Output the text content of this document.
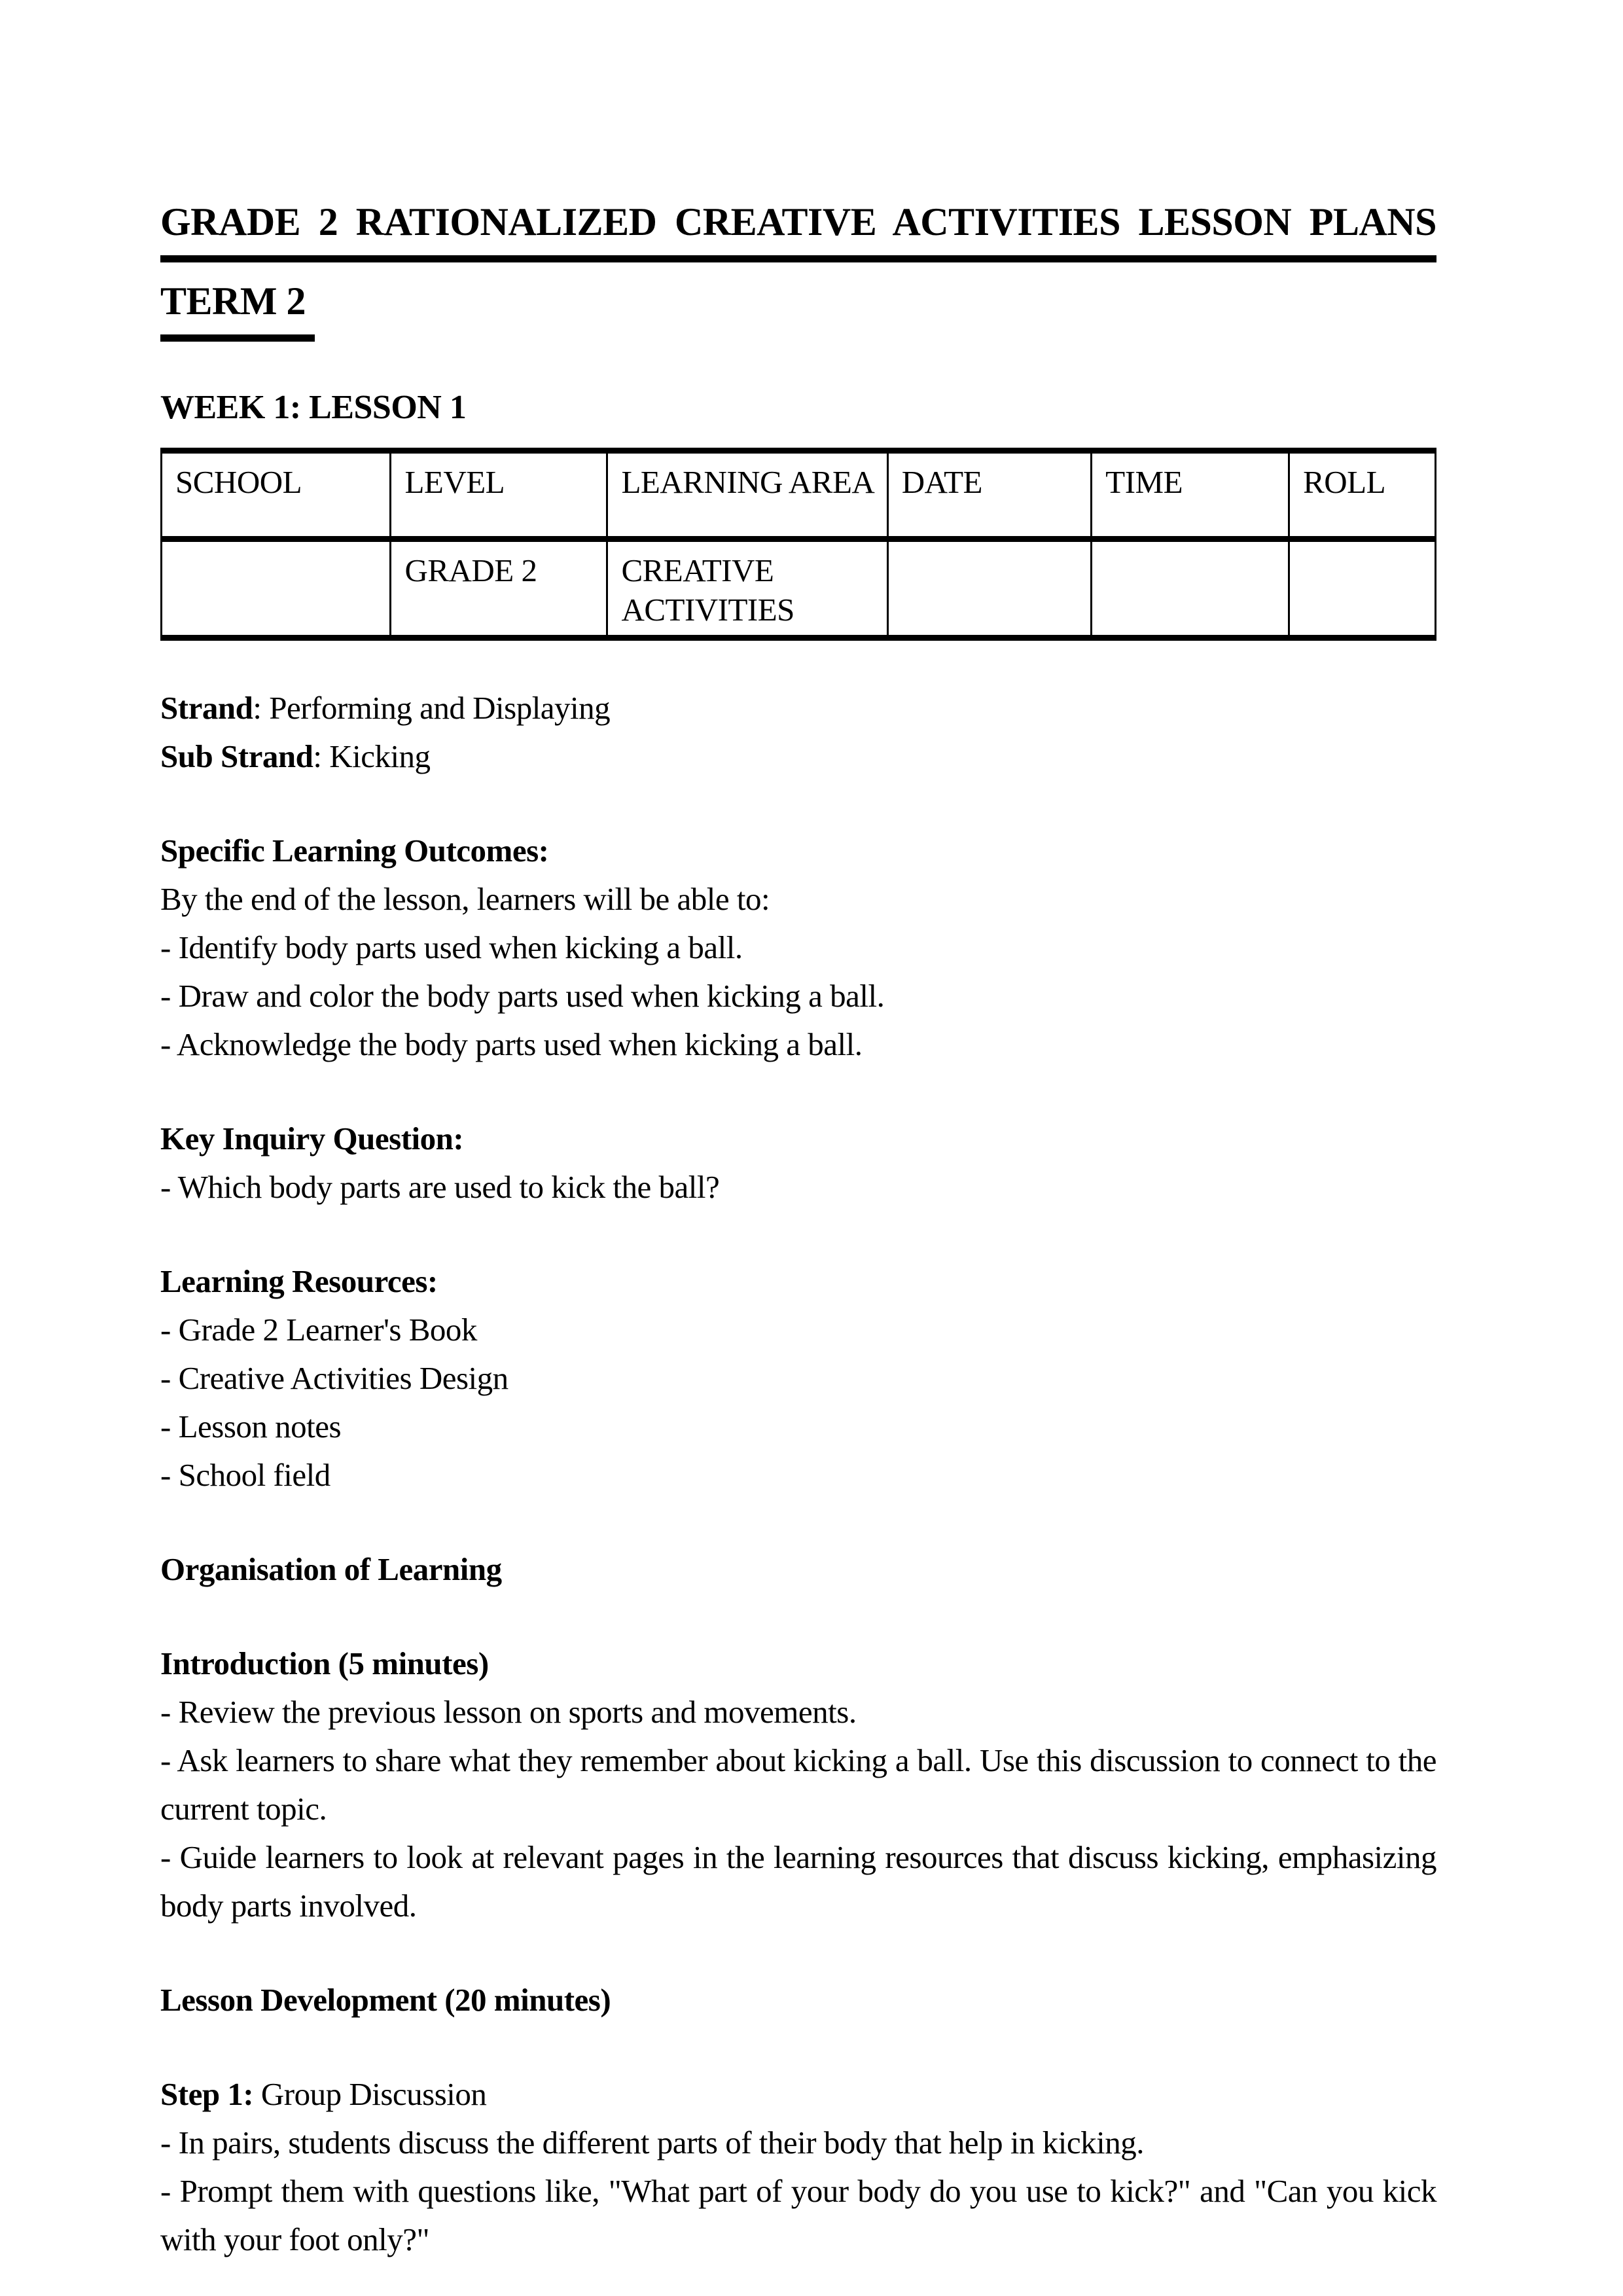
GRADE 2 RATIONALIZED CREATIVE ACTIVITIES LESSON PLANS
TERM 2
WEEK 1: LESSON 1
SCHOOL	LEVEL	LEARNING AREA	DATE	TIME	ROLL
	GRADE 2	CREATIVE ACTIVITIES			

Strand: Performing and Displaying

Sub Strand: Kicking

Specific Learning Outcomes:

By the end of the lesson, learners will be able to:

- Identify body parts used when kicking a ball.

- Draw and color the body parts used when kicking a ball.

- Acknowledge the body parts used when kicking a ball.

Key Inquiry Question:

- Which body parts are used to kick the ball?

Learning Resources:

- Grade 2 Learner's Book

- Creative Activities Design

- Lesson notes

- School field

Organisation of Learning

Introduction (5 minutes)

- Review the previous lesson on sports and movements.

- Ask learners to share what they remember about kicking a ball. Use this discussion to connect to the current topic.

- Guide learners to look at relevant pages in the learning resources that discuss kicking, emphasizing body parts involved.

Lesson Development (20 minutes)

Step 1: Group Discussion

- In pairs, students discuss the different parts of their body that help in kicking.

- Prompt them with questions like, "What part of your body do you use to kick?" and "Can you kick with your foot only?"
